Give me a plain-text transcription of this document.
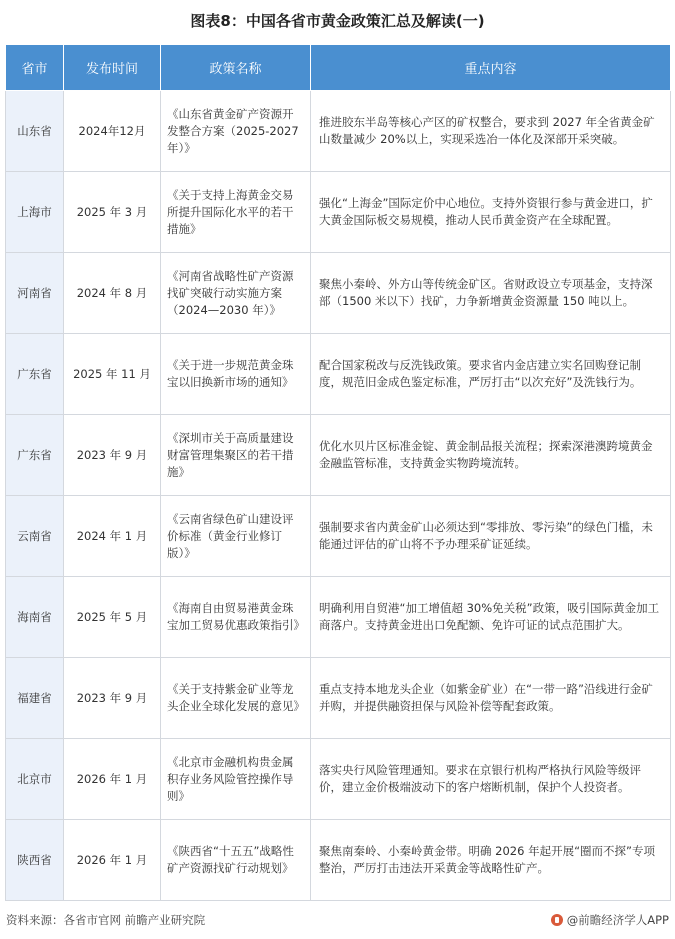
图表8：中国各省市黄金政策汇总及解读(一)
省市	发布时间	政策名称	重点内容
山东省	2024年12月	《山东省黄金矿产资源开发整合方案（2025-2027年）》	推进胶东半岛等核心产区的矿权整合，要求到 2027 年全省黄金矿山数量减少 20%以上，实现采选冶一体化及深部开采突破。
上海市	2025 年 3 月	《关于支持上海黄金交易所提升国际化水平的若干措施》	强化“上海金”国际定价中心地位。支持外资银行参与黄金进口，扩大黄金国际板交易规模，推动人民币黄金资产在全球配置。
河南省	2024 年 8 月	《河南省战略性矿产资源找矿突破行动实施方案（2024—2030 年）》	聚焦小秦岭、外方山等传统金矿区。省财政设立专项基金，支持深部（1500 米以下）找矿，力争新增黄金资源量 150 吨以上。
广东省	2025 年 11 月	《关于进一步规范黄金珠宝以旧换新市场的通知》	配合国家税改与反洗钱政策。要求省内金店建立实名回购登记制度，规范旧金成色鉴定标准，严厉打击“以次充好”及洗钱行为。
广东省	2023 年 9 月	《深圳市关于高质量建设财富管理集聚区的若干措施》	优化水贝片区标准金锭、黄金制品报关流程；探索深港澳跨境黄金金融监管标准，支持黄金实物跨境流转。
云南省	2024 年 1 月	《云南省绿色矿山建设评价标准（黄金行业修订版）》	强制要求省内黄金矿山必须达到“零排放、零污染”的绿色门槛，未能通过评估的矿山将不予办理采矿证延续。
海南省	2025 年 5 月	《海南自由贸易港黄金珠宝加工贸易优惠政策指引》	明确利用自贸港“加工增值超 30%免关税”政策，吸引国际黄金加工商落户。支持黄金进出口免配额、免许可证的试点范围扩大。
福建省	2023 年 9 月	《关于支持紫金矿业等龙头企业全球化发展的意见》	重点支持本地龙头企业（如紫金矿业）在“一带一路”沿线进行金矿并购，并提供融资担保与风险补偿等配套政策。
北京市	2026 年 1 月	《北京市金融机构贵金属积存业务风险管控操作导则》	落实央行风险管理通知。要求在京银行机构严格执行风险等级评价，建立金价极端波动下的客户熔断机制，保护个人投资者。
陕西省	2026 年 1 月	《陕西省“十五五”战略性矿产资源找矿行动规划》	聚焦南秦岭、小秦岭黄金带。明确 2026 年起开展“圈而不探”专项整治，严厉打击违法开采黄金等战略性矿产。
资料来源：各省市官网 前瞻产业研究院	@前瞻经济学人APP
